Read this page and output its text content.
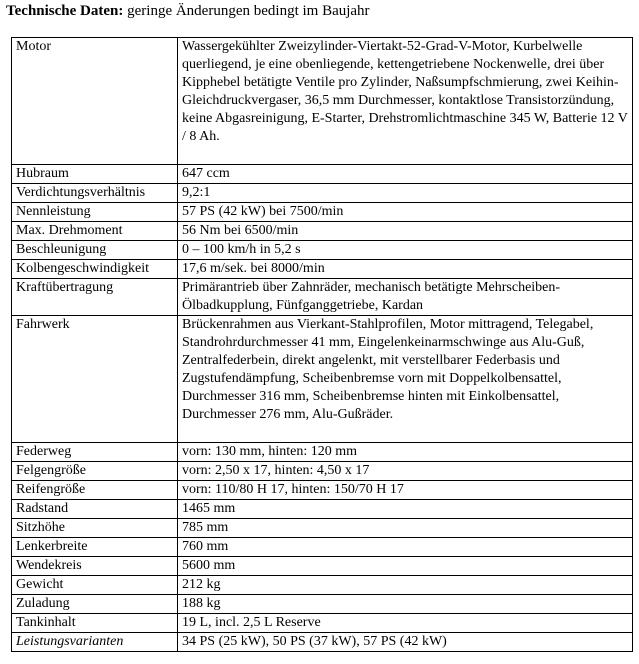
Technische Daten: geringe Änderungen bedingt im Baujahr
Motor	Wassergekühlter Zweizylinder-Viertakt-52-Grad-V-Motor, Kurbelwelle querliegend, je eine obenliegende, kettengetriebene Nockenwelle, drei über Kipphebel betätigte Ventile pro Zylinder, Naßsumpfschmierung, zwei Keihin-Gleichdruckvergaser, 36,5 mm Durchmesser, kontaktlose Transistorzündung, keine Abgasreinigung, E-Starter, Drehstromlichtmaschine 345 W, Batterie 12 V / 8 Ah.
Hubraum	647 ccm
Verdichtungsverhältnis	9,2:1
Nennleistung	57 PS (42 kW) bei 7500/min
Max. Drehmoment	56 Nm bei 6500/min
Beschleunigung	0 – 100 km/h in 5,2 s
Kolbengeschwindigkeit	17,6 m/sek. bei 8000/min
Kraftübertragung	Primärantrieb über Zahnräder, mechanisch betätigte Mehrscheiben-Ölbadkupplung, Fünfganggetriebe, Kardan
Fahrwerk	Brückenrahmen aus Vierkant-Stahlprofilen, Motor mittragend, Telegabel, Standrohrdurchmesser 41 mm, Eingelenkeinarmschwinge aus Alu-Guß, Zentralfederbein, direkt angelenkt, mit verstellbarer Federbasis und Zugstufendämpfung, Scheibenbremse vorn mit Doppelkolbensattel, Durchmesser 316 mm, Scheibenbremse hinten mit Einkolbensattel, Durchmesser 276 mm, Alu-Gußräder.
Federweg	vorn: 130 mm, hinten: 120 mm
Felgengröße	vorn: 2,50 x 17, hinten: 4,50 x 17
Reifengröße	vorn: 110/80 H 17, hinten: 150/70 H 17
Radstand	1465 mm
Sitzhöhe	785 mm
Lenkerbreite	760 mm
Wendekreis	5600 mm
Gewicht	212 kg
Zuladung	188 kg
Tankinhalt	19 L, incl. 2,5 L Reserve
Leistungsvarianten	34 PS (25 kW), 50 PS (37 kW), 57 PS (42 kW)
